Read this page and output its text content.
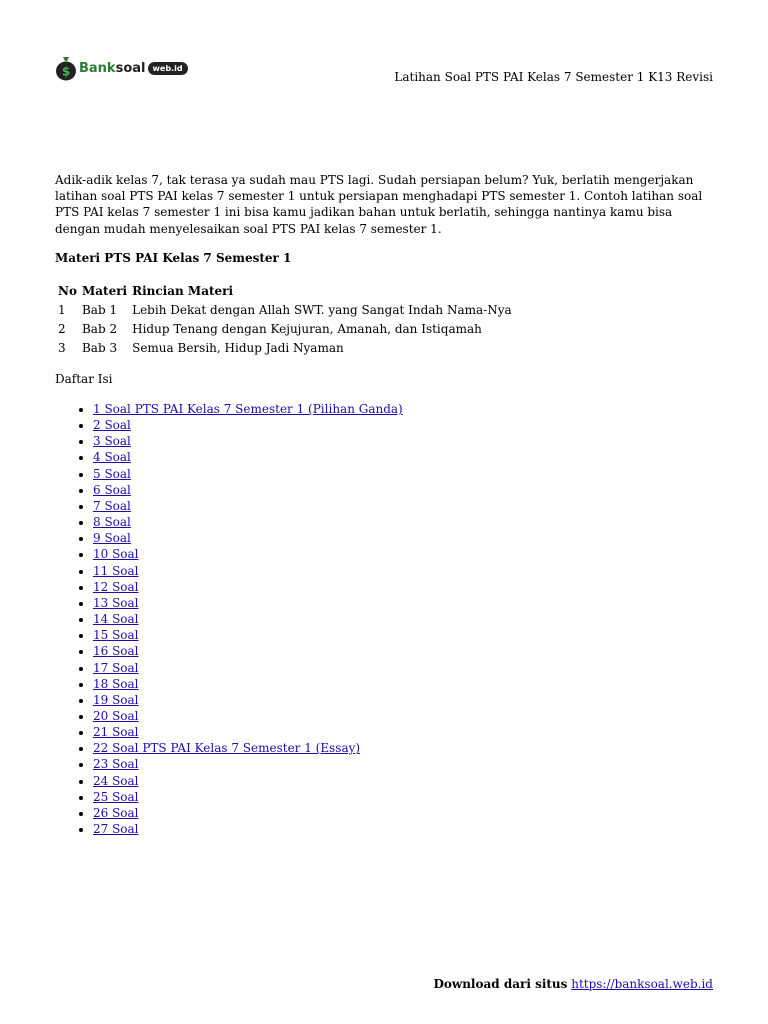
$ Bank soal web.id
Latihan Soal PTS PAI Kelas 7 Semester 1 K13 Revisi

Adik-adik kelas 7, tak terasa ya sudah mau PTS lagi. Sudah persiapan belum? Yuk, berlatih mengerjakan latihan soal PTS PAI kelas 7 semester 1 untuk persiapan menghadapi PTS semester 1. Contoh latihan soal PTS PAI kelas 7 semester 1 ini bisa kamu jadikan bahan untuk berlatih, sehingga nantinya kamu bisa dengan mudah menyelesaikan soal PTS PAI kelas 7 semester 1.

Materi PTS PAI Kelas 7 Semester 1

No	Materi	Rincian Materi
1	Bab 1	Lebih Dekat dengan Allah SWT. yang Sangat Indah Nama-Nya
2	Bab 2	Hidup Tenang dengan Kejujuran, Amanah, dan Istiqamah
3	Bab 3	Semua Bersih, Hidup Jadi Nyaman
Daftar Isi
• 1 Soal PTS PAI Kelas 7 Semester 1 (Pilihan Ganda)
• 2 Soal
• 3 Soal
• 4 Soal
• 5 Soal
• 6 Soal
• 7 Soal
• 8 Soal
• 9 Soal
• 10 Soal
• 11 Soal
• 12 Soal
• 13 Soal
• 14 Soal
• 15 Soal
• 16 Soal
• 17 Soal
• 18 Soal
• 19 Soal
• 20 Soal
• 21 Soal
• 22 Soal PTS PAI Kelas 7 Semester 1 (Essay)
• 23 Soal
• 24 Soal
• 25 Soal
• 26 Soal
• 27 Soal
Download dari situs https://banksoal.web.id
